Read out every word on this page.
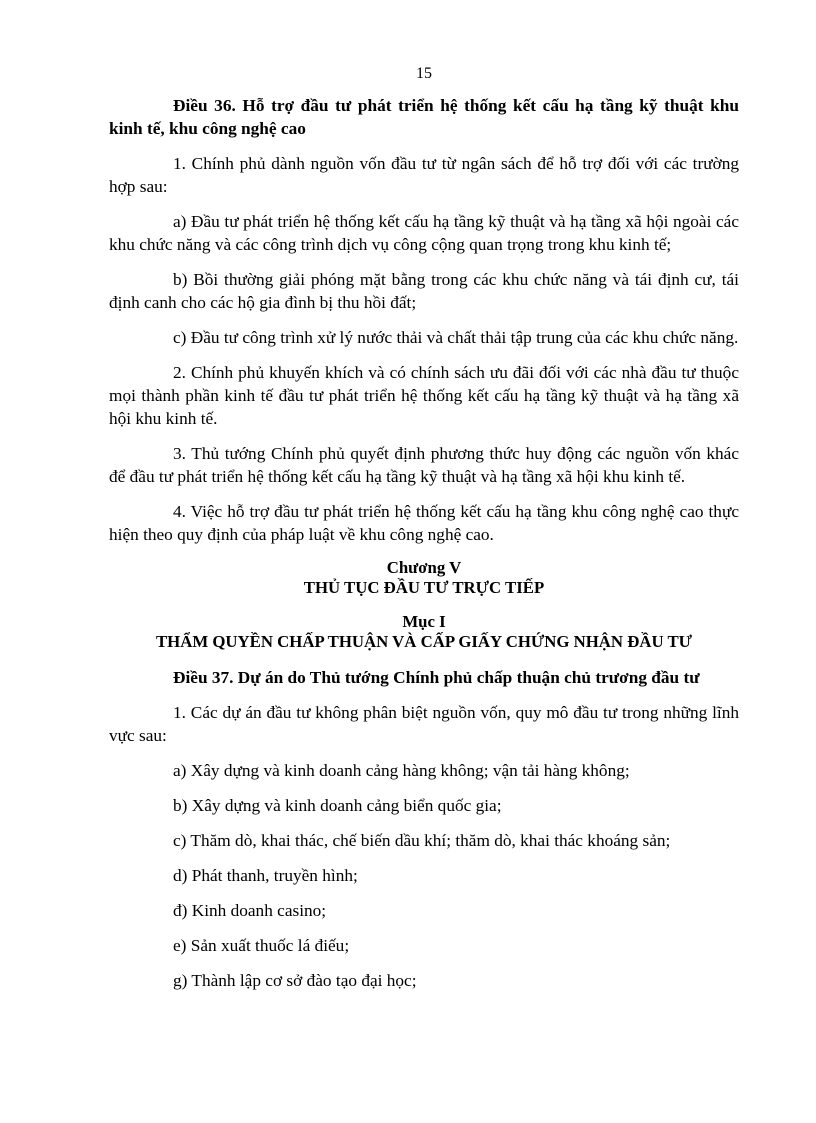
15

Điều 36. Hỗ trợ đầu tư phát triển hệ thống kết cấu hạ tầng kỹ thuật khu kinh tế, khu công nghệ cao

1. Chính phủ dành nguồn vốn đầu tư từ ngân sách để hỗ trợ đối với các trường hợp sau:

a) Đầu tư phát triển hệ thống kết cấu hạ tầng kỹ thuật và hạ tầng xã hội ngoài các khu chức năng và các công trình dịch vụ công cộng quan trọng trong khu kinh tế;

b) Bồi thường giải phóng mặt bằng trong các khu chức năng và tái định cư, tái định canh cho các hộ gia đình bị thu hồi đất;

c) Đầu tư công trình xử lý nước thải và chất thải tập trung của các khu chức năng.

2. Chính phủ khuyến khích và có chính sách ưu đãi đối với các nhà đầu tư thuộc mọi thành phần kinh tế đầu tư phát triển hệ thống kết cấu hạ tầng kỹ thuật và hạ tầng xã hội khu kinh tế.

3. Thủ tướng Chính phủ quyết định phương thức huy động các nguồn vốn khác để đầu tư phát triển hệ thống kết cấu hạ tầng kỹ thuật và hạ tầng xã hội khu kinh tế.

4. Việc hỗ trợ đầu tư phát triển hệ thống kết cấu hạ tầng khu công nghệ cao thực hiện theo quy định của pháp luật về khu công nghệ cao.

Chương V
THỦ TỤC ĐẦU TƯ TRỰC TIẾP
Mục I
THẨM QUYỀN CHẤP THUẬN VÀ CẤP GIẤY CHỨNG NHẬN ĐẦU TƯ

Điều 37. Dự án do Thủ tướng Chính phủ chấp thuận chủ trương đầu tư

1. Các dự án đầu tư không phân biệt nguồn vốn, quy mô đầu tư trong những lĩnh vực sau:

a) Xây dựng và kinh doanh cảng hàng không; vận tải hàng không;

b) Xây dựng và kinh doanh cảng biển quốc gia;

c) Thăm dò, khai thác, chế biến dầu khí; thăm dò, khai thác khoáng sản;

d) Phát thanh, truyền hình;

đ) Kinh doanh casino;

e) Sản xuất thuốc lá điếu;

g) Thành lập cơ sở đào tạo đại học;
